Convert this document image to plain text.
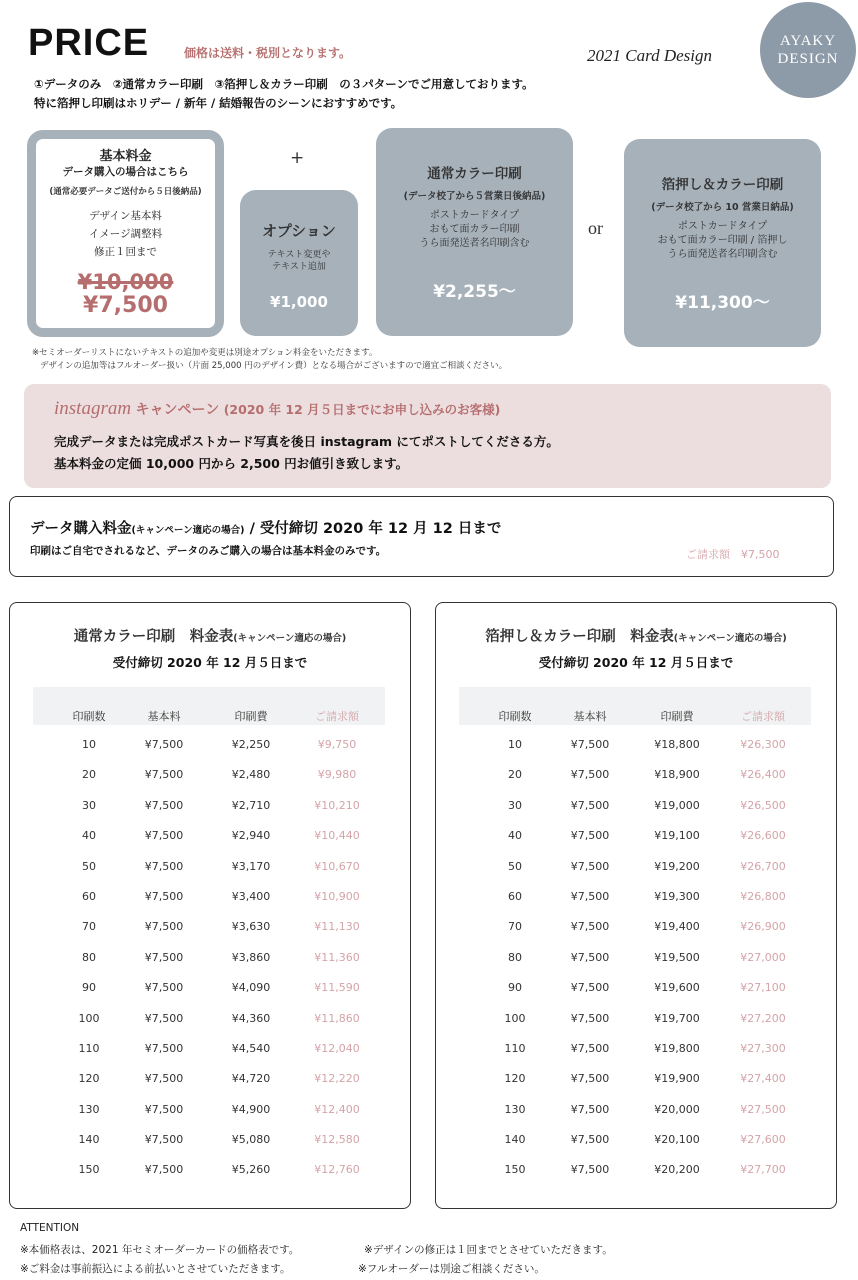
PRICE	価格は送料・税別となります。	2021 Card Design
AYAKY
DESIGN
①データのみ　②通常カラー印刷　③箔押し＆カラー印刷　の３パターンでご用意しております。
特に箔押し印刷はホリデー / 新年 / 結婚報告のシーンにおすすめです。
基本料金
データ購入の場合はこちら
(通常必要データご送付から５日後納品)
デザイン基本料
イメージ調整料
修正１回まで
¥10,000
¥7,500
+
オプション
テキスト変更や
テキスト追加
¥1,000
通常カラー印刷
(データ校了から５営業日後納品)
ポストカードタイプ
おもて面カラー印刷
うら面発送者名印刷含む
¥2,255〜
or
箔押し＆カラー印刷
(データ校了から 10 営業日納品)
ポストカードタイプ
おもて面カラー印刷 / 箔押し
うら面発送者名印刷含む
¥11,300〜
※セミオーダーリストにないテキストの追加や変更は別途オプション料金をいただきます。
デザインの追加等はフルオーダー扱い（片面 25,000 円のデザイン費）となる場合がございますので適宜ご相談ください。
instagram キャンペーン (2020 年 12 月５日までにお申し込みのお客様)
完成データまたは完成ポストカード写真を後日 instagram にてポストしてくださる方。
基本料金の定価 10,000 円から 2,500 円お値引き致します。
データ購入料金(キャンペーン適応の場合) / 受付締切 2020 年 12 月 12 日まで
印刷はご自宅でされるなど、データのみご購入の場合は基本料金のみです。	ご請求額　¥7,500
通常カラー印刷　料金表(キャンペーン適応の場合)
受付締切 2020 年 12 月５日まで
印刷数	基本料	印刷費	ご請求額
10	¥7,500	¥2,250	¥9,750
20	¥7,500	¥2,480	¥9,980
30	¥7,500	¥2,710	¥10,210
40	¥7,500	¥2,940	¥10,440
50	¥7,500	¥3,170	¥10,670
60	¥7,500	¥3,400	¥10,900
70	¥7,500	¥3,630	¥11,130
80	¥7,500	¥3,860	¥11,360
90	¥7,500	¥4,090	¥11,590
100	¥7,500	¥4,360	¥11,860
110	¥7,500	¥4,540	¥12,040
120	¥7,500	¥4,720	¥12,220
130	¥7,500	¥4,900	¥12,400
140	¥7,500	¥5,080	¥12,580
150	¥7,500	¥5,260	¥12,760
箔押し＆カラー印刷　料金表(キャンペーン適応の場合)
受付締切 2020 年 12 月５日まで
印刷数	基本料	印刷費	ご請求額
10	¥7,500	¥18,800	¥26,300
20	¥7,500	¥18,900	¥26,400
30	¥7,500	¥19,000	¥26,500
40	¥7,500	¥19,100	¥26,600
50	¥7,500	¥19,200	¥26,700
60	¥7,500	¥19,300	¥26,800
70	¥7,500	¥19,400	¥26,900
80	¥7,500	¥19,500	¥27,000
90	¥7,500	¥19,600	¥27,100
100	¥7,500	¥19,700	¥27,200
110	¥7,500	¥19,800	¥27,300
120	¥7,500	¥19,900	¥27,400
130	¥7,500	¥20,000	¥27,500
140	¥7,500	¥20,100	¥27,600
150	¥7,500	¥20,200	¥27,700
ATTENTION
※本価格表は、2021 年セミオーダーカードの価格表です。	※デザインの修正は１回までとさせていただきます。
※ご料金は事前振込による前払いとさせていただきます。	※フルオーダーは別途ご相談ください。
